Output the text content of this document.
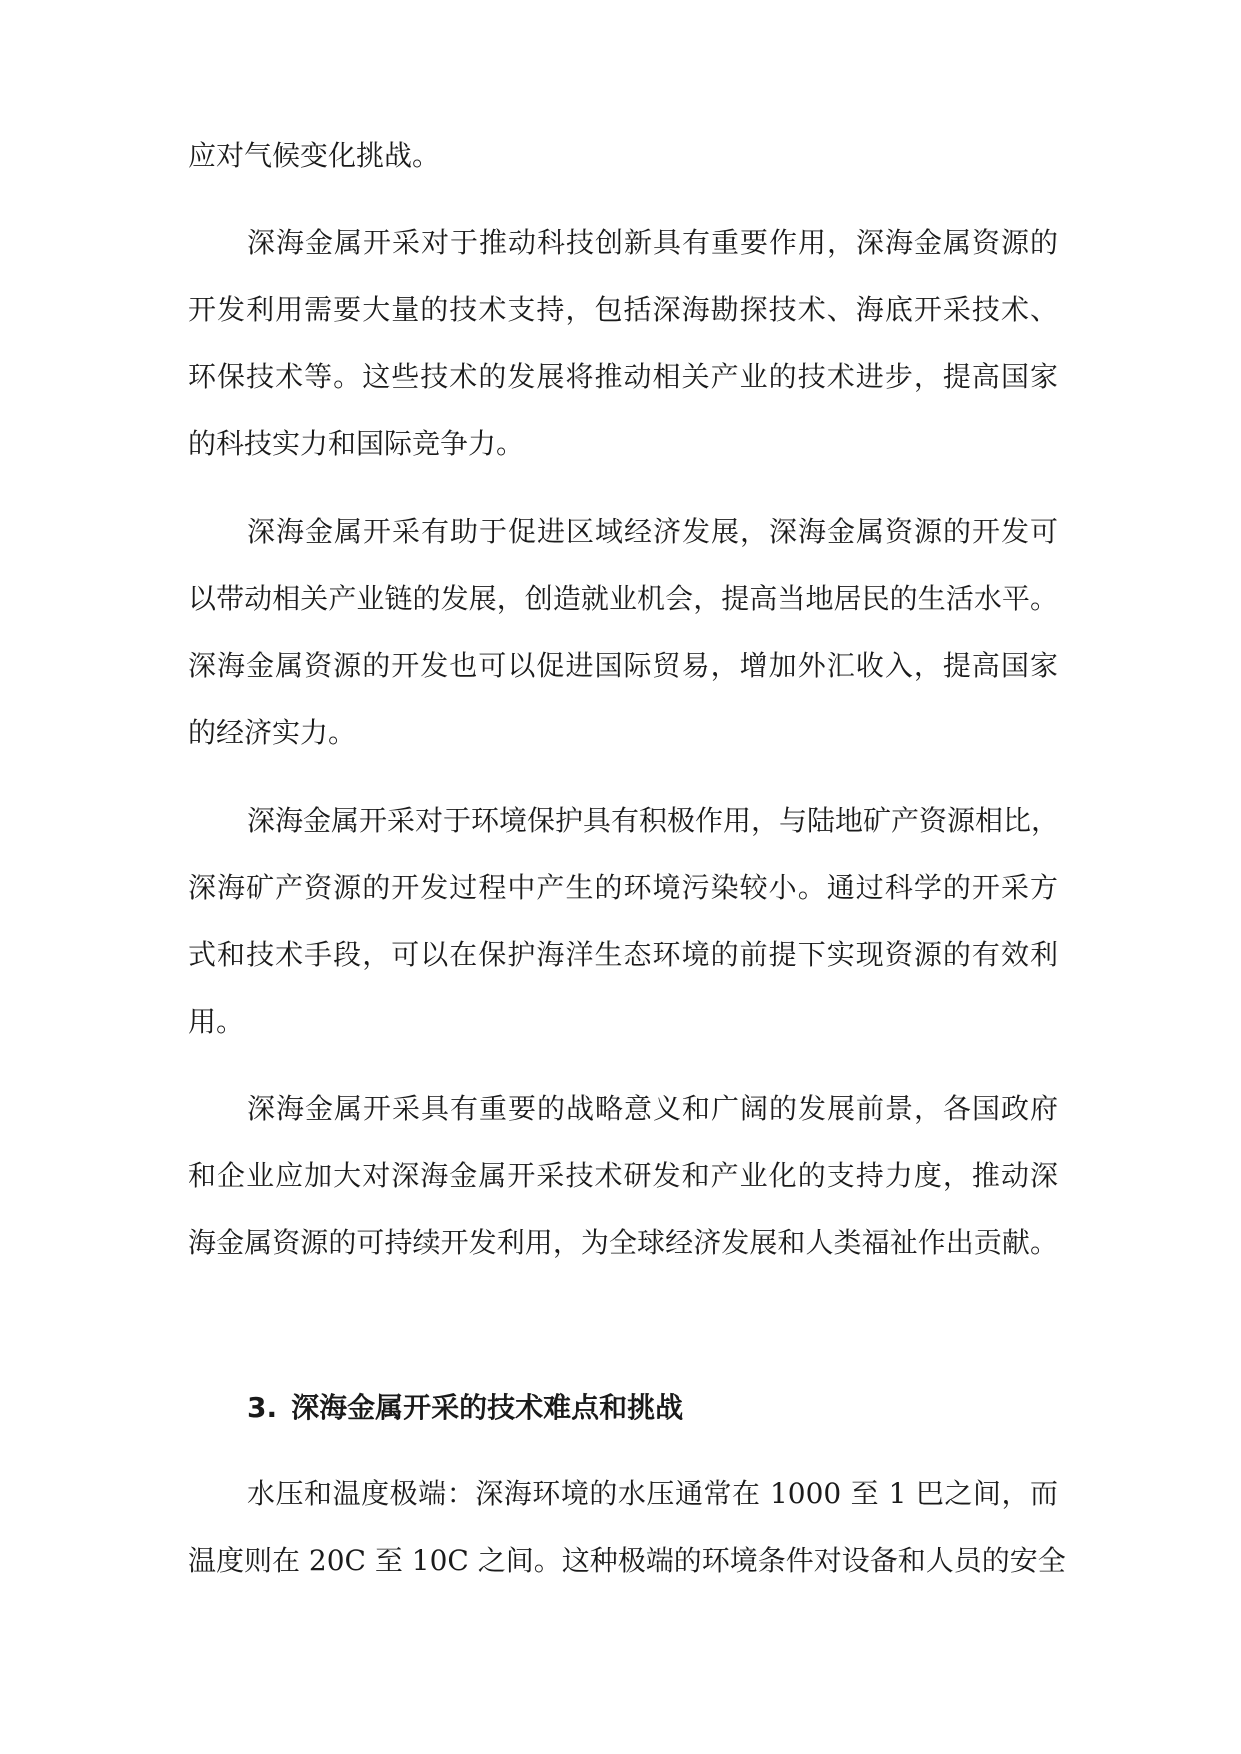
应对气候变化挑战。
深海金属开采对于推动科技创新具有重要作用，深海金属资源的
开发利用需要大量的技术支持，包括深海勘探技术、海底开采技术、
环保技术等。这些技术的发展将推动相关产业的技术进步，提高国家
的科技实力和国际竞争力。
深海金属开采有助于促进区域经济发展，深海金属资源的开发可
以带动相关产业链的发展，创造就业机会，提高当地居民的生活水平。
深海金属资源的开发也可以促进国际贸易，增加外汇收入，提高国家
的经济实力。
深海金属开采对于环境保护具有积极作用，与陆地矿产资源相比，
深海矿产资源的开发过程中产生的环境污染较小。通过科学的开采方
式和技术手段，可以在保护海洋生态环境的前提下实现资源的有效利
用。
深海金属开采具有重要的战略意义和广阔的发展前景，各国政府
和企业应加大对深海金属开采技术研发和产业化的支持力度，推动深
海金属资源的可持续开发利用，为全球经济发展和人类福祉作出贡献。
3. 深海金属开采的技术难点和挑战
水压和温度极端：深海环境的水压通常在 1000 至 1 巴之间，而
温度则在 20C 至 10C 之间。这种极端的环境条件对设备和人员的安全
